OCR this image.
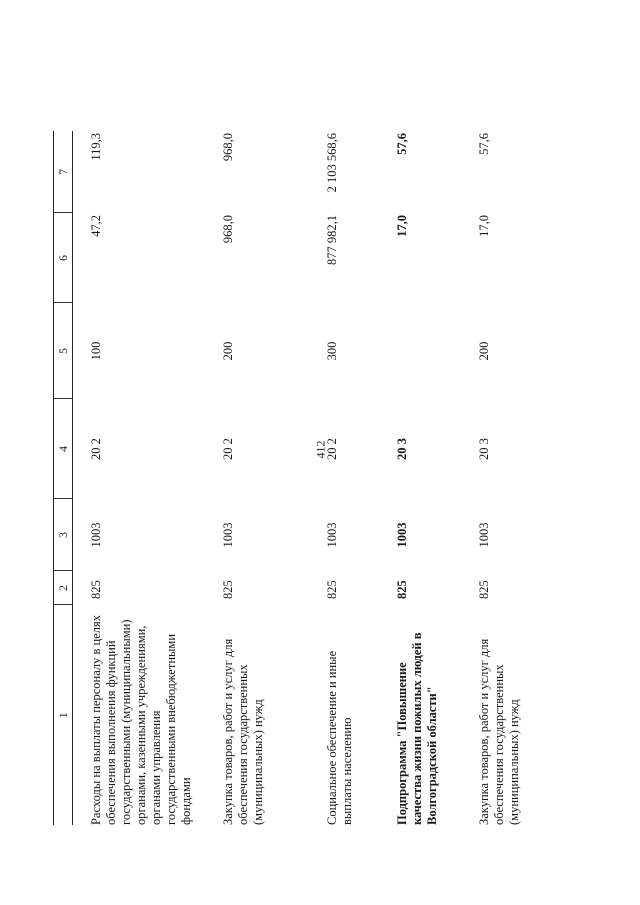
412
1	2	3	4	5	6	7
Расходы на выплаты персоналу в целях обеспечения выполнения функций государственными (муниципальными) органами, казенными учреждениями, органами управления государственными внебюджетными фондами	825	1003	20 2	100	47,2	119,3
Закупка товаров, работ и услуг для обеспечения государственных (муниципальных) нужд	825	1003	20 2	200	968,0	968,0
Социальное обеспечение и иные выплаты населению	825	1003	20 2	300	877 982,1	2 103 568,6
Подпрограмма "Повышение качества жизни пожилых людей в Волгоградской области"	825	1003	20 3		17,0	57,6
Закупка товаров, работ и услуг для обеспечения государственных (муниципальных) нужд	825	1003	20 3	200	17,0	57,6
